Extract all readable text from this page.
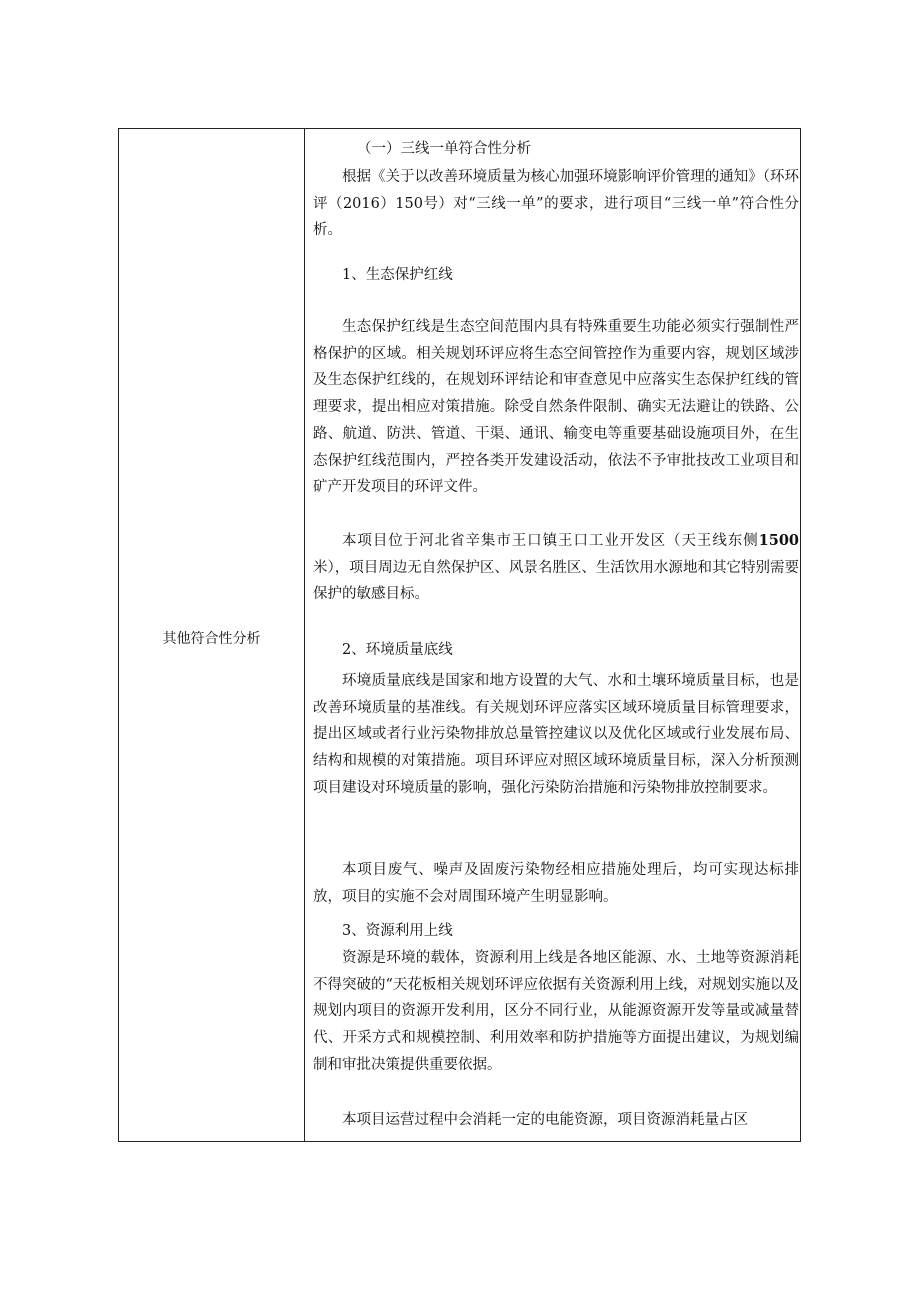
其他符合性分析

（一）三线一单符合性分析

根据《关于以改善环境质量为核心加强环境影响评价管理的通知》（环环评（2016）150号）对“三线一单”的要求，进行项目“三线一单”符合性分析。

1、生态保护红线

生态保护红线是生态空间范围内具有特殊重要生功能必须实行强制性严格保护的区域。相关规划环评应将生态空间管控作为重要内容，规划区域涉及生态保护红线的，在规划环评结论和审查意见中应落实生态保护红线的管理要求，提出相应对策措施。除受自然条件限制、确实无法避让的铁路、公路、航道、防洪、管道、干渠、通讯、输变电等重要基础设施项目外，在生态保护红线范围内，严控各类开发建设活动，依法不予审批技改工业项目和矿产开发项目的环评文件。

本项目位于河北省辛集市王口镇王口工业开发区（天王线东侧1500米），项目周边无自然保护区、风景名胜区、生活饮用水源地和其它特别需要保护的敏感目标。

2、环境质量底线

环境质量底线是国家和地方设置的大气、水和土壤环境质量目标，也是改善环境质量的基准线。有关规划环评应落实区域环境质量目标管理要求，提出区域或者行业污染物排放总量管控建议以及优化区域或行业发展布局、结构和规模的对策措施。项目环评应对照区域环境质量目标，深入分析预测项目建设对环境质量的影响，强化污染防治措施和污染物排放控制要求。

本项目废气、噪声及固废污染物经相应措施处理后，均可实现达标排放，项目的实施不会对周围环境产生明显影响。

3、资源利用上线

资源是环境的载体，资源利用上线是各地区能源、水、土地等资源消耗不得突破的“天花板相关规划环评应依据有关资源利用上线，对规划实施以及规划内项目的资源开发利用，区分不同行业，从能源资源开发等量或减量替代、开采方式和规模控制、利用效率和防护措施等方面提出建议，为规划编制和审批决策提供重要依据。

本项目运营过程中会消耗一定的电能资源，项目资源消耗量占区
